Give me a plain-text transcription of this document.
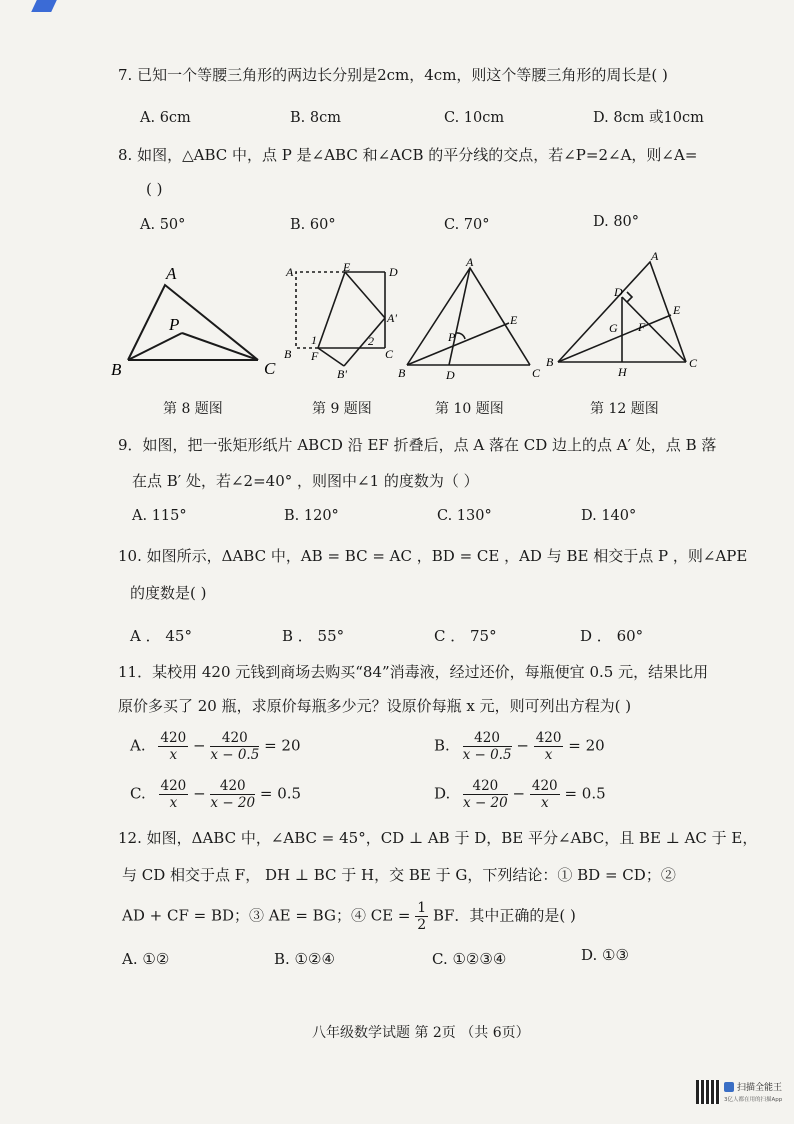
7. 已知一个等腰三角形的两边长分别是2cm，4cm，则这个等腰三角形的周长是( )
A. 6cm	B. 8cm	C. 10cm	D. 8cm 或10cm
8. 如图，△ABC 中，点 P 是∠ABC 和∠ACB 的平分线的交点，若∠P=2∠A，则∠A=
( )
A. 50°	B. 60°	C. 70°	D. 80°
A
P
B	C
A	E	D
A'
1	2
B F	C
B'
A
E
P
B	D	C
A
D
E
G F
B
H
C
第 8 题图	第 9 题图	第 10 题图	第 12 题图
9．如图，把一张矩形纸片 ABCD 沿 EF 折叠后，点 A 落在 CD 边上的点 A′ 处，点 B 落
在点 B′ 处，若∠2=40° ，则图中∠1 的度数为（ ）
A. 115°	B. 120°	C. 130°	D. 140°
10. 如图所示，ΔABC 中，AB = BC = AC ，BD = CE ，AD 与 BE 相交于点 P ，则∠APE
的度数是( )
A ． 45°	B ． 55°	C ． 75°	D ． 60°
11．某校用 420 元钱到商场去购买“84”消毒液，经过还价，每瓶便宜 0.5 元，结果比用
原价多买了 20 瓶，求原价每瓶多少元？设原价每瓶 x 元，则可列出方程为( )
A. $\frac{420}{x} - \frac{420}{x - 0.5} = 20$	B. $\frac{420}{x - 0.5} - \frac{420}{x} = 20$
C. $\frac{420}{x} - \frac{420}{x - 20} = 0.5$	D. $\frac{420}{x - 20} - \frac{420}{x} = 0.5$
12. 如图，ΔABC 中，∠ABC = 45°，CD ⊥ AB 于 D，BE 平分∠ABC，且 BE ⊥ AC 于 E，
与 CD 相交于点 F， DH ⊥ BC 于 H，交 BE 于 G，下列结论：① BD = CD；②
AD + CF = BD；③ AE = BG；④ CE = $\frac{1}{2}$ BF．其中正确的是( )
A. ①②	B. ①②④	C. ①②③④	D. ①③
八年级数学试题 第 2页 （共 6页）
扫描全能王
3亿人都在用的扫描App
